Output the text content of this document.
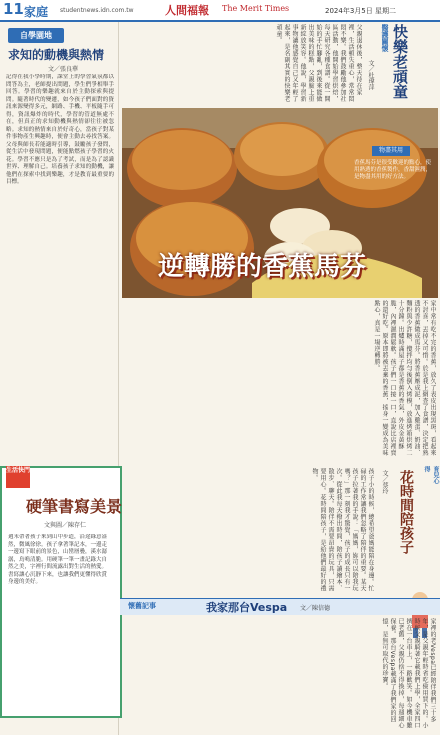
11 家庭 studentnews.idn.com.tw	人間福報 The Merit Times	2024年3月5日 星期二
自學園地
求知的動機與熱情
文／張良華
記得在我小學時期，課堂上的學習氣氛都以問答為主，老師提出問題，學生們爭相舉手回答。學習的樂趣就來自於主動探索與提問。隨著時代的變遷，如今孩子們面對的資訊來源變得多元，網路、手機、平板隨手可得，資訊爆炸的時代，學習的管道無處不在，但真正的求知動機與熱情卻往往被忽略。求知的熱情來自於好奇心，當孩子對某件事物產生興趣時，便會主動去尋找答案。父母與師長若能適時引導，鼓勵孩子發問，從生活中發現問題，便能點燃孩子學習的火花。學習不應只是為了考試，而是為了認識世界、理解自己。培養孩子求知的動機，讓他們在探索中找到樂趣，才是教育最重要的目標。
生活快門
硬筆書寫美景
文與圖／陳存仁
週末帶著孩子來到山中步道，沿途綠意盎然，微風徐徐。孩子拿著筆記本，一邊走一邊寫下眼前的景色，山巒層疊，溪水潺潺，鳥鳴清脆。用硬筆一筆一畫記錄大自然之美，字裡行間流露出對生活的熱愛。書寫讓心沉靜下來，也讓我們更懂得欣賞身邊的美好。
醫護關懷 快樂老頑童
文／杜瑋萍
父親退休後，整天待在家裡，生活頓失重心，常常悶悶不樂。我們鼓勵他參加社區活動，他開始學習烘焙，每天研究各種食譜。從一開始的手忙腳亂，到後來能做出美味的糕點，父親臉上重新綻放笑容。他說，學習新事物讓他感覺自己又年輕了起來，是名副其實的快樂老頑童。
物盡其用
香蕉馬芬是很受歡迎的點心，使用熟透的香蕉製作，香甜濕潤，是物盡其用的好方法。
逆轉勝的香蕉馬芬
家中常有吃不完的香蕉，放久了表皮出現黑斑，看起來不討喜，丟掉又可惜。於是我上網查了食譜，決定把熟透的香蕉做成馬芬。將香蕉壓成泥，加入雞蛋、奶油、麵粉與少許糖，攪拌均勻後倒入烤模，放進烤箱烘烤二十分鐘。出爐時滿屋子都是香蕉的香氣，外皮金黃酥脆，內裡濕潤鬆軟。孩子們一口接一口，直說比店裡賣的還好吃。原本即將被丟棄的香蕉，搖身一變成為美味點心，真是一場逆轉勝。
育兒心得
花時間陪孩子
文／蔡玲
孩子小的時候，總希望爸媽能陪在身邊。忙碌的工作常讓我們忽略了陪伴的重要。某天孩子拉著我的手說：「媽媽，妳可以陪我玩嗎？」那一刻我才驚覺，孩子的成長只有一次。從此我每天撥出時間，陪孩子讀繪本、散步、聊天。陪伴不需要昂貴的玩具，只需要用心。花時間陪孩子，是給他們最好的禮物。
懷舊記事	我家那台Vespa 文／陳信德
家裡的老Vespa已經陪伴我們三十多年，是父親年輕時省吃儉用買下的。小時候父親騎著它載我們上學，全家四口擠在一台車上，一路歡笑。如今機車雖已老舊，父親仍捨不得換掉，每週細心保養。那台Vespa載滿了我們家的回憶，是無可取代的珍寶。
